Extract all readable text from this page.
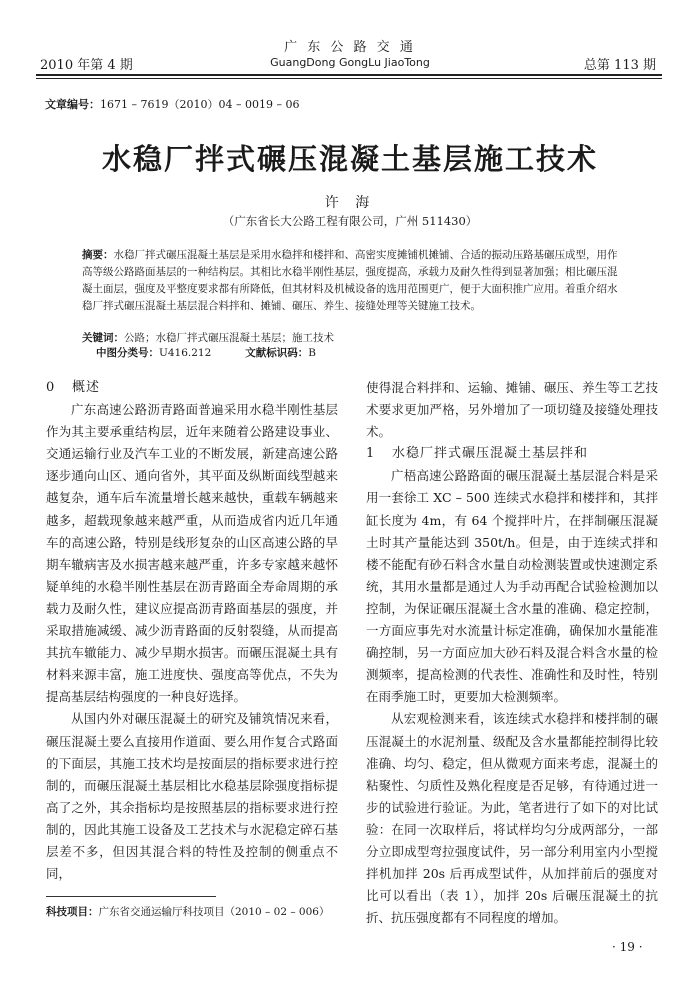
2010 年第 4 期
广 东 公 路 交 通
GuangDong GongLu JiaoTong	总第 113 期
文章编号：1671 – 7619（2010）04 – 0019 – 06
水稳厂拌式碾压混凝土基层施工技术
许 海
（广东省长大公路工程有限公司，广州 511430）
摘要：水稳厂拌式碾压混凝土基层是采用水稳拌和楼拌和、高密实度摊铺机摊铺、合适的振动压路基碾压成型，用作高等级公路路面基层的一种结构层。其相比水稳半刚性基层，强度提高，承载力及耐久性得到显著加强；相比碾压混凝土面层，强度及平整度要求都有所降低，但其材料及机械设备的选用范围更广，便于大面积推广应用。着重介绍水稳厂拌式碾压混凝土基层混合料拌和、摊铺、碾压、养生、接缝处理等关键施工技术。
关键词：公路；水稳厂拌式碾压混凝土基层；施工技术
中图分类号：U416.212	文献标识码：B
0 概述

广东高速公路沥青路面普遍采用水稳半刚性基层作为其主要承重结构层，近年来随着公路建设事业、交通运输行业及汽车工业的不断发展，新建高速公路逐步通向山区、通向省外，其平面及纵断面线型越来越复杂，通车后车流量增长越来越快，重载车辆越来越多，超载现象越来越严重，从而造成省内近几年通车的高速公路，特别是线形复杂的山区高速公路的早期车辙病害及水损害越来越严重，许多专家越来越怀疑单纯的水稳半刚性基层在沥青路面全寿命周期的承载力及耐久性，建议应提高沥青路面基层的强度，并采取措施减缓、减少沥青路面的反射裂缝，从而提高其抗车辙能力、减少早期水损害。而碾压混凝土具有材料来源丰富，施工进度快、强度高等优点，不失为提高基层结构强度的一种良好选择。

从国内外对碾压混凝土的研究及铺筑情况来看，碾压混凝土要么直接用作道面、要么用作复合式路面的下面层，其施工技术均是按面层的指标要求进行控制的，而碾压混凝土基层相比水稳基层除强度指标提高了之外，其余指标均是按照基层的指标要求进行控制的，因此其施工设备及工艺技术与水泥稳定碎石基层差不多，但因其混合料的特性及控制的侧重点不同，

使得混合料拌和、运输、摊铺、碾压、养生等工艺技术要求更加严格，另外增加了一项切缝及接缝处理技术。

1 水稳厂拌式碾压混凝土基层拌和

广梧高速公路路面的碾压混凝土基层混合料是采用一套徐工 XC – 500 连续式水稳拌和楼拌和，其拌缸长度为 4m，有 64 个搅拌叶片，在拌制碾压混凝土时其产量能达到 350t/h。但是，由于连续式拌和楼不能配有砂石料含水量自动检测装置或快速测定系统，其用水量都是通过人为手动再配合试验检测加以控制，为保证碾压混凝土含水量的准确、稳定控制，一方面应事先对水流量计标定准确，确保加水量能准确控制，另一方面应加大砂石料及混合料含水量的检测频率，提高检测的代表性、准确性和及时性，特别在雨季施工时，更要加大检测频率。

从宏观检测来看，该连续式水稳拌和楼拌制的碾压混凝土的水泥剂量、级配及含水量都能控制得比较准确、均匀、稳定，但从微观方面来考虑，混凝土的粘聚性、匀质性及熟化程度是否足够，有待通过进一步的试验进行验证。为此，笔者进行了如下的对比试验：在同一次取样后，将试样均匀分成两部分，一部分立即成型弯拉强度试件，另一部分利用室内小型搅拌机加拌 20s 后再成型试件，从加拌前后的强度对比可以看出（表 1），加拌 20s 后碾压混凝土的抗折、抗压强度都有不同程度的增加。

科技项目：广东省交通运输厅科技项目（2010 – 02 – 006）
· 19 ·
